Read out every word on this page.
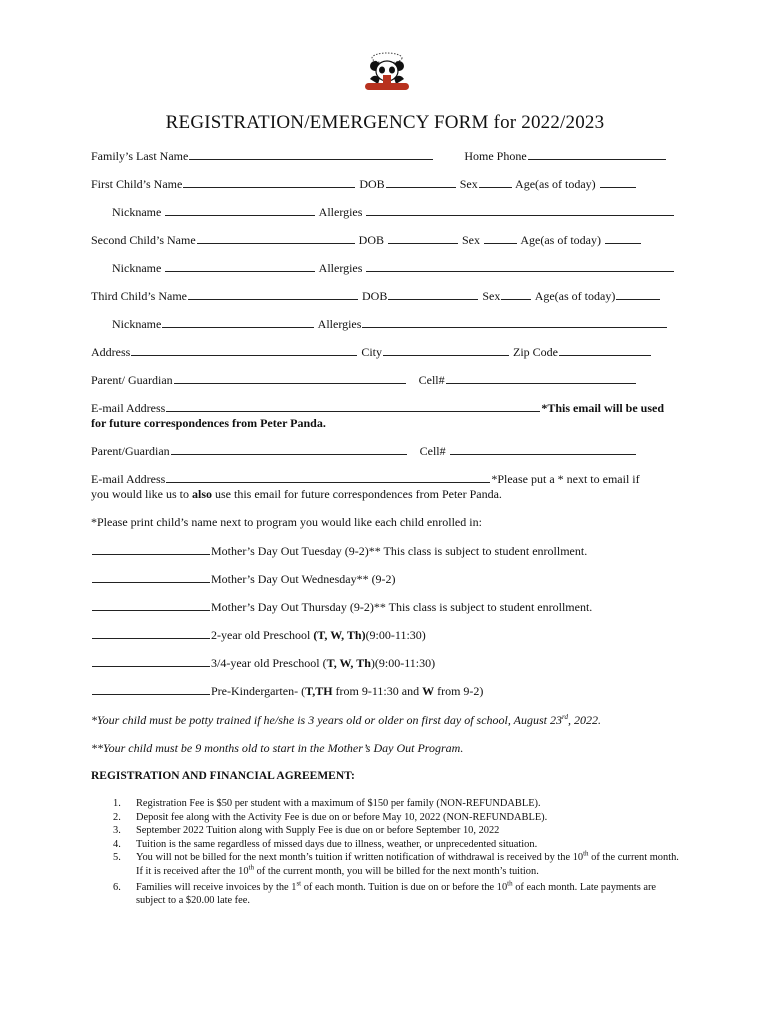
REGISTRATION/EMERGENCY FORM for 2022/2023
Family’s Last Name	Home Phone
First Child’s Name	DOB	Sex	Age(as of today)
Nickname	Allergies
Second Child’s Name	DOB	Sex	Age(as of today)
Nickname	Allergies
Third Child’s Name	DOB	Sex	Age(as of today)
Nickname	Allergies
Address	City	Zip Code
Parent/ Guardian	Cell#
E-mail Address	*This email will be used
for future correspondences from Peter Panda.
Parent/Guardian	Cell#
E-mail Address	*Please put a * next to email if
you would like us to also use this email for future correspondences from Peter Panda.
*Please print child’s name next to program you would like each child enrolled in:
Mother’s Day Out Tuesday (9-2)** This class is subject to student enrollment.
Mother’s Day Out Wednesday** (9-2)
Mother’s Day Out Thursday (9-2)** This class is subject to student enrollment.
2-year old Preschool (T, W, Th)(9:00-11:30)
3/4-year old Preschool (T, W, Th)(9:00-11:30)
Pre-Kindergarten- (T,TH from 9-11:30 and W from 9-2)
*Your child must be potty trained if he/she is 3 years old or older on first day of school, August 23rd, 2022.
**Your child must be 9 months old to start in the Mother’s Day Out Program.
REGISTRATION AND FINANCIAL AGREEMENT:
1. Registration Fee is $50 per student with a maximum of $150 per family (NON-REFUNDABLE).
2. Deposit fee along with the Activity Fee is due on or before May 10, 2022 (NON-REFUNDABLE).
3. September 2022 Tuition along with Supply Fee is due on or before September 10, 2022
4. Tuition is the same regardless of missed days due to illness, weather, or unprecedented situation.
5. You will not be billed for the next month’s tuition if written notification of withdrawal is received by the 10th of the current month. If it is received after the 10th of the current month, you will be billed for the next month’s tuition.
6. Families will receive invoices by the 1st of each month. Tuition is due on or before the 10th of each month. Late payments are subject to a $20.00 late fee.
